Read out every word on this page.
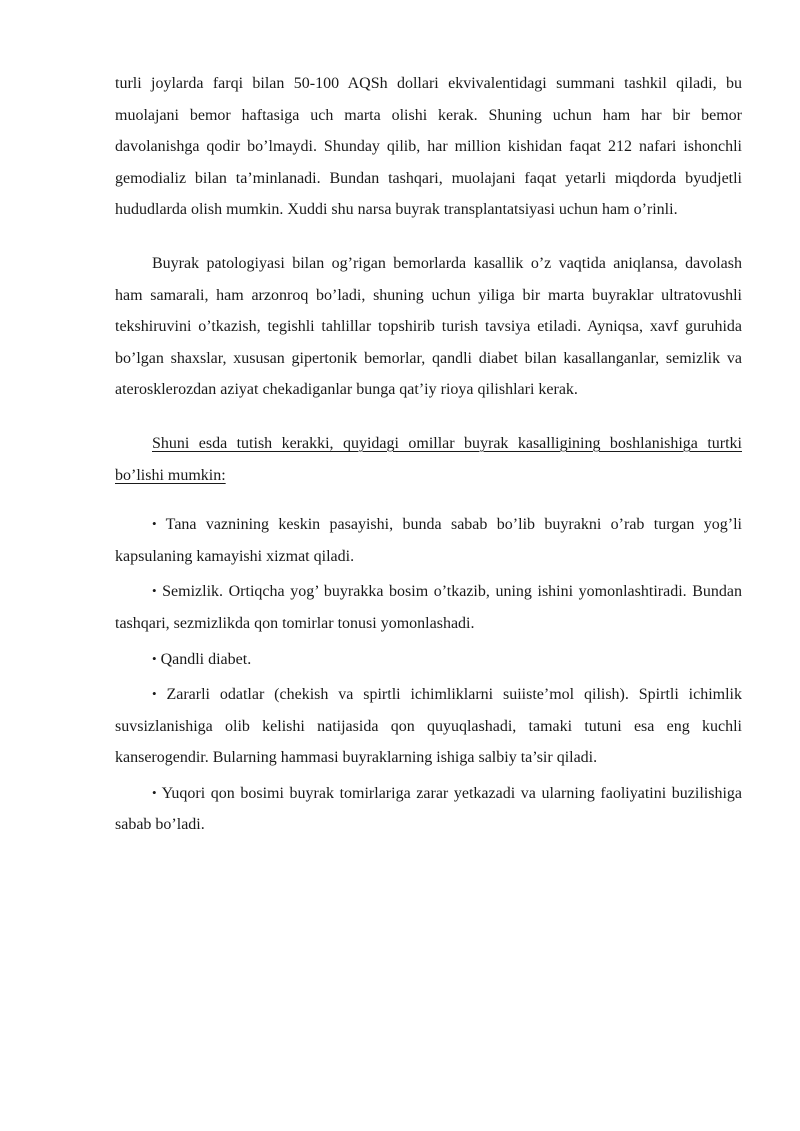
turli joylarda farqi bilan 50-100 AQSh dollari ekvivalentidagi summani tashkil qiladi, bu muolajani bemor haftasiga uch marta olishi kerak. Shuning uchun ham har bir bemor davolanishga qodir bo’lmaydi. Shunday qilib, har million kishidan faqat 212 nafari ishonchli gemodializ bilan ta’minlanadi. Bundan tashqari, muolajani faqat yetarli miqdorda byudjetli hududlarda olish mumkin. Xuddi shu narsa buyrak transplantatsiyasi uchun ham o’rinli.

Buyrak patologiyasi bilan og’rigan bemorlarda kasallik o’z vaqtida aniqlansa, davolash ham samarali, ham arzonroq bo’ladi, shuning uchun yiliga bir marta buyraklar ultratovushli tekshiruvini o’tkazish, tegishli tahlillar topshirib turish tavsiya etiladi. Ayniqsa, xavf guruhida bo’lgan shaxslar, xususan gipertonik bemorlar, qandli diabet bilan kasallanganlar, semizlik va aterosklerozdan aziyat chekadiganlar bunga qat’iy rioya qilishlari kerak.

Shuni esda tutish kerakki, quyidagi omillar buyrak kasalligining boshlanishiga turtki bo’lishi mumkin:

• Tana vaznining keskin pasayishi, bunda sabab bo’lib buyrakni o’rab turgan yog’li kapsulaning kamayishi xizmat qiladi.

• Semizlik. Ortiqcha yog’ buyrakka bosim o’tkazib, uning ishini yomonlashtiradi. Bundan tashqari, sezmizlikda qon tomirlar tonusi yomonlashadi.

• Qandli diabet.

• Zararli odatlar (chekish va spirtli ichimliklarni suiiste’mol qilish). Spirtli ichimlik suvsizlanishiga olib kelishi natijasida qon quyuqlashadi, tamaki tutuni esa eng kuchli kanserogendir. Bularning hammasi buyraklarning ishiga salbiy ta’sir qiladi.

• Yuqori qon bosimi buyrak tomirlariga zarar yetkazadi va ularning faoliyatini buzilishiga sabab bo’ladi.
